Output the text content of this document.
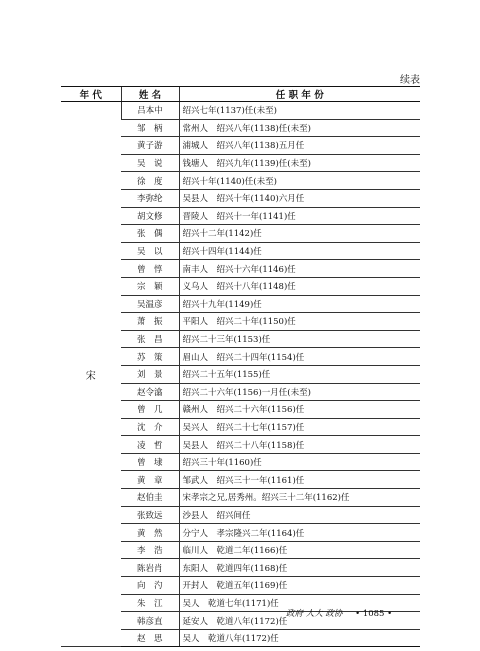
续表
年 代	姓 名	任 职 年 份
宋	吕本中	绍兴七年(1137)任(未至)
	邹　柄	常州人　绍兴八年(1138)任(未至)
	黄子游	浦城人　绍兴八年(1138)五月任
	吴　说	钱塘人　绍兴九年(1139)任(未至)
	徐　度	绍兴十年(1140)任(未至)
	李弥纶	吴县人　绍兴十年(1140)六月任
	胡文修	晋陵人　绍兴十一年(1141)任
	张　偶	绍兴十二年(1142)任
	吴　以	绍兴十四年(1144)任
	曾　惇	南丰人　绍兴十六年(1146)任
	宗　颖	义乌人　绍兴十八年(1148)任
	吴温彦	绍兴十九年(1149)任
	萧　振	平阳人　绍兴二十年(1150)任
	张　昌	绍兴二十三年(1153)任
	苏　策	眉山人　绍兴二十四年(1154)任
	刘　景	绍兴二十五年(1155)任
	赵令潝	绍兴二十六年(1156)一月任(未至)
	曾　几	赣州人　绍兴二十六年(1156)任
	沈　介	吴兴人　绍兴二十七年(1157)任
	凌　哲	吴县人　绍兴二十八年(1158)任
	曾　埭	绍兴三十年(1160)任
	黄　章	邹武人　绍兴三十一年(1161)任
	赵伯圭	宋孝宗之兄,居秀州。绍兴三十二年(1162)任
	张致远	沙县人　绍兴间任
	黄　然	分宁人　孝宗隆兴二年(1164)任
	李　浩	临川人　乾道二年(1166)任
	陈岩肖	东阳人　乾道四年(1168)任
	向　汋	开封人　乾道五年(1169)任
	朱　江	吴人　乾道七年(1171)任
	韩彦直	延安人　乾道八年(1172)任
	赵　思	吴人　乾道八年(1172)任
政府 人大 政协 • 1085 •
